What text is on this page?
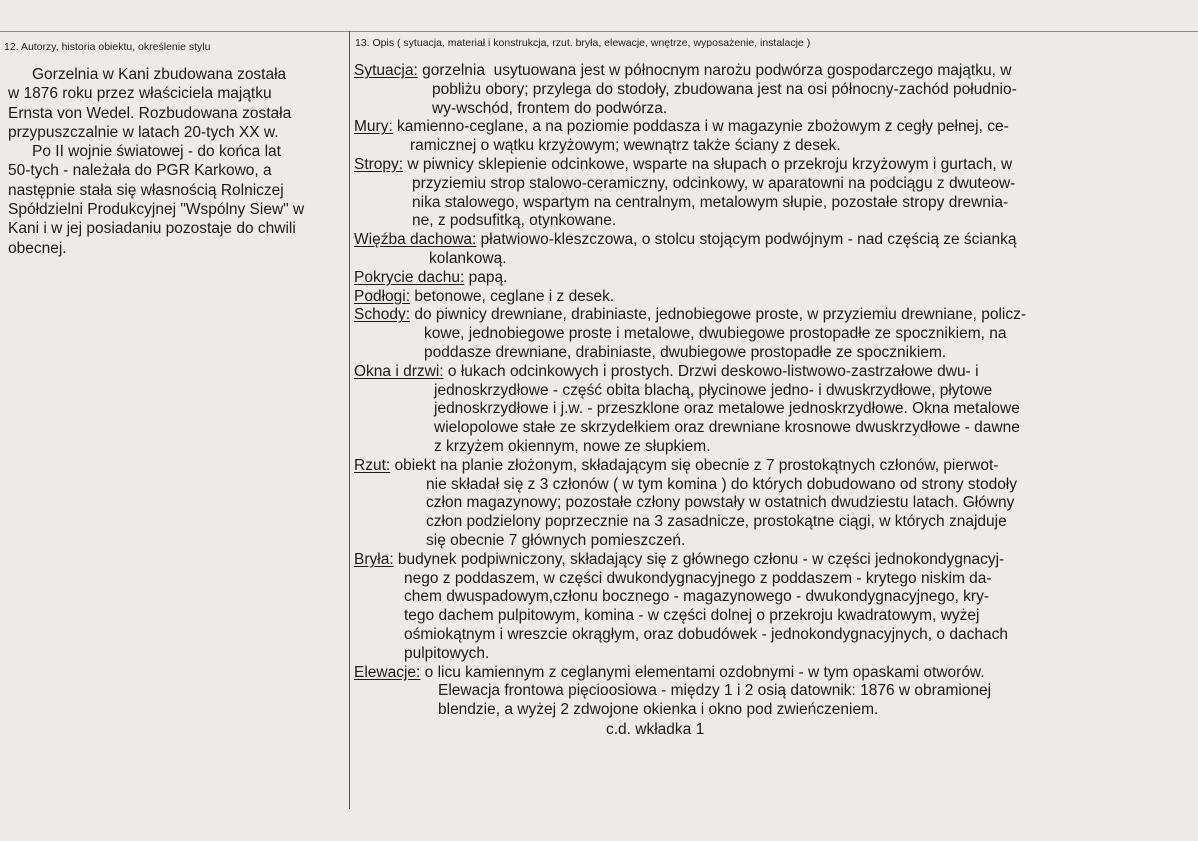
12. Autorzy, historia obiektu, określenie stylu	13. Opis ( sytuacja, materiał i konstrukcja, rzut. bryła, elewacje, wnętrze, wyposażenie, instalacje )

Gorzelnia w Kani zbudowana została

w 1876 roku przez właściciela majątku

Ernsta von Wedel. Rozbudowana została

przypuszczalnie w latach 20-tych XX w.

Po II wojnie światowej - do końca lat

50-tych - należała do PGR Karkowo, a

następnie stała się własnością Rolniczej

Spółdzielni Produkcyjnej "Wspólny Siew" w

Kani i w jej posiadaniu pozostaje do chwili

obecnej.

Sytuacja: gorzelnia  usytuowana jest w północnym narożu podwórza gospodarczego majątku, w
pobliżu obory; przylega do stodoły, zbudowana jest na osi północny-zachód południo-
wy-wschód, frontem do podwórza.
Mury: kamienno-ceglane, a na poziomie poddasza i w magazynie zbożowym z cegły pełnej, ce-
ramicznej o wątku krzyżowym; wewnątrz także ściany z desek.
Stropy: w piwnicy sklepienie odcinkowe, wsparte na słupach o przekroju krzyżowym i gurtach, w
przyziemiu strop stalowo-ceramiczny, odcinkowy, w aparatowni na podciągu z dwuteow-
nika stalowego, wspartym na centralnym, metalowym słupie, pozostałe stropy drewnia-
ne, z podsufitką, otynkowane.
Więźba dachowa: płatwiowo-kleszczowa, o stolcu stojącym podwójnym - nad częścią ze ścianką
kolankową.
Pokrycie dachu: papą.
Podłogi: betonowe, ceglane i z desek.
Schody: do piwnicy drewniane, drabiniaste, jednobiegowe proste, w przyziemiu drewniane, policz-
kowe, jednobiegowe proste i metalowe, dwubiegowe prostopadłe ze spocznikiem, na
poddasze drewniane, drabiniaste, dwubiegowe prostopadłe ze spocznikiem.
Okna i drzwi: o łukach odcinkowych i prostych. Drzwi deskowo-listwowo-zastrzałowe dwu- i
jednoskrzydłowe - część obita blachą, płycinowe jedno- i dwuskrzydłowe, płytowe
jednoskrzydłowe i j.w. - przeszklone oraz metalowe jednoskrzydłowe. Okna metalowe
wielopolowe stałe ze skrzydełkiem oraz drewniane krosnowe dwuskrzydłowe - dawne
z krzyżem okiennym, nowe ze słupkiem.
Rzut: obiekt na planie złożonym, składającym się obecnie z 7 prostokątnych członów, pierwot-
nie składał się z 3 członów ( w tym komina ) do których dobudowano od strony stodoły
człon magazynowy; pozostałe człony powstały w ostatnich dwudziestu latach. Główny
człon podzielony poprzecznie na 3 zasadnicze, prostokątne ciągi, w których znajduje
się obecnie 7 głównych pomieszczeń.
Bryła: budynek podpiwniczony, składający się z głównego członu - w części jednokondygnacyj-
nego z poddaszem, w części dwukondygnacyjnego z poddaszem - krytego niskim da-
chem dwuspadowym,członu bocznego - magazynowego - dwukondygnacyjnego, kry-
tego dachem pulpitowym, komina - w części dolnej o przekroju kwadratowym, wyżej
ośmiokątnym i wreszcie okrągłym, oraz dobudówek - jednokondygnacyjnych, o dachach
pulpitowych.
Elewacje: o licu kamiennym z ceglanymi elementami ozdobnymi - w tym opaskami otworów.
Elewacja frontowa pięcioosiowa - między 1 i 2 osią datownik: 1876 w obramionej
blendzie, a wyżej 2 zdwojone okienka i okno pod zwieńczeniem.
c.d. wkładka 1
